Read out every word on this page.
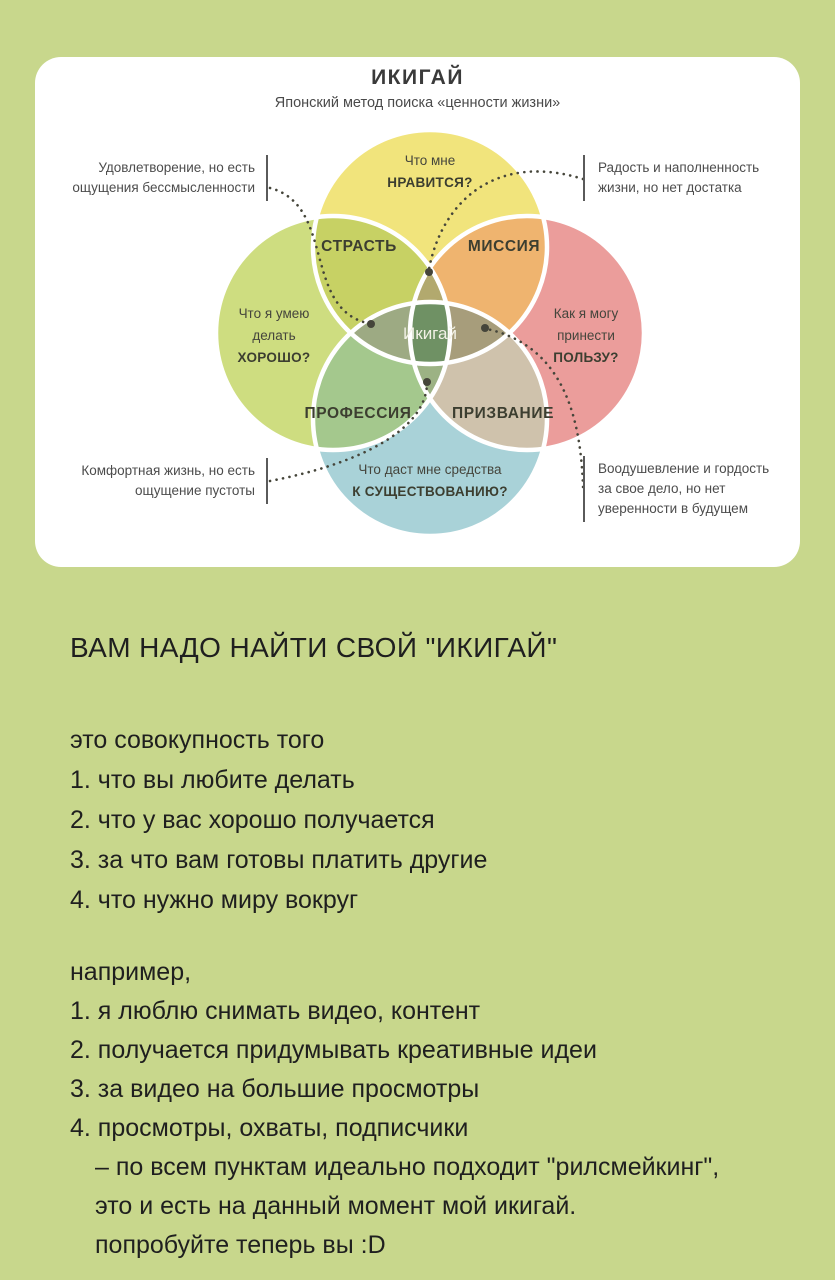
Что мне
НРАВИТСЯ?
Что я умею
делать
ХОРОШО?
Как я могу
принести
ПОЛЬЗУ?
Что даст мне средства
К СУЩЕСТВОВАНИЮ?
СТРАСТЬ	МИССИЯ
ПРОФЕССИЯ	ПРИЗВАНИЕ
Икигай
ИКИГАЙ
Японский метод поиска «ценности жизни»
Удовлетворение, но есть
ощущения бессмысленности
Радость и наполненность
жизни, но нет достатка
Комфортная жизнь, но есть
ощущение пустоты
Воодушевление и гордость
за свое дело, но нет
уверенности в будущем
ВАМ НАДО НАЙТИ СВОЙ "ИКИГАЙ"
это совокупность того
1. что вы любите делать
2. что у вас хорошо получается
3. за что вам готовы платить другие
4. что нужно миру вокруг
например,
1. я люблю снимать видео, контент
2. получается придумывать креативные идеи
3. за видео на большие просмотры
4. просмотры, охваты, подписчики
– по всем пунктам идеально подходит "рилсмейкинг",
это и есть на данный момент мой икигай.
попробуйте теперь вы :D
